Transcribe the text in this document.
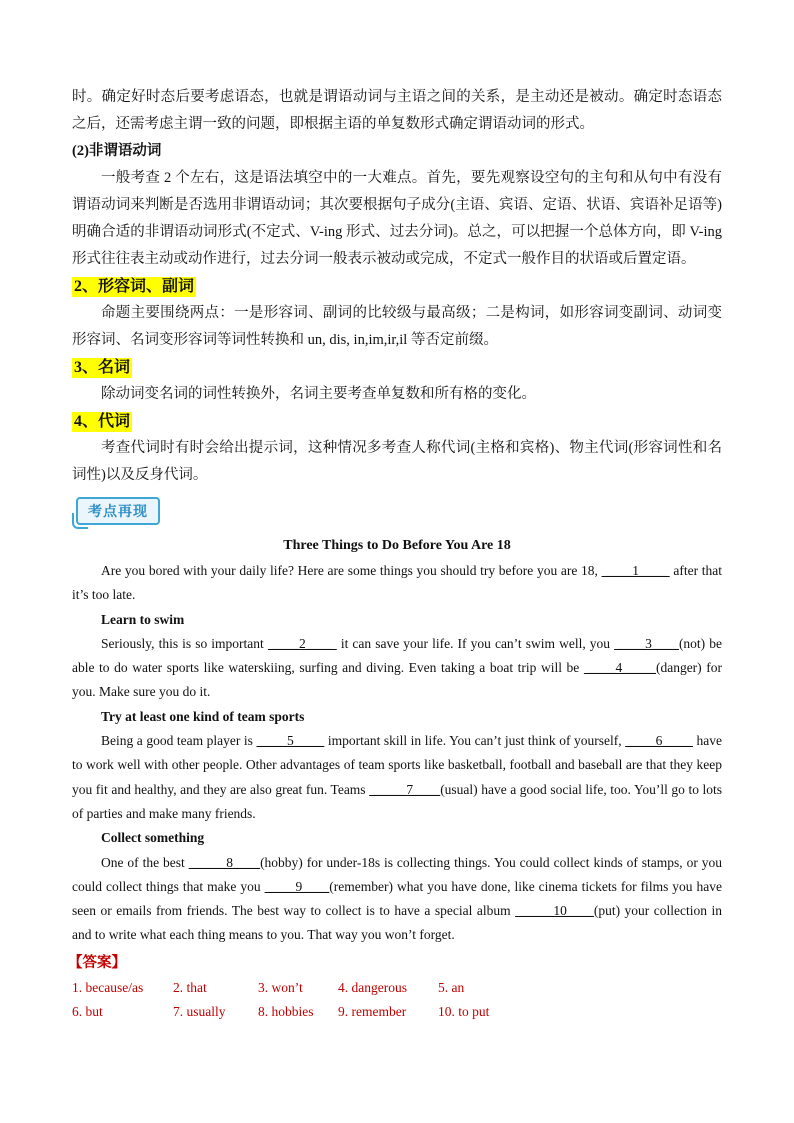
时。确定好时态后要考虑语态，也就是谓语动词与主语之间的关系，是主动还是被动。确定时态语态之后，还需考虑主谓一致的问题，即根据主语的单复数形式确定谓语动词的形式。

(2)非谓语动词

一般考查 2 个左右，这是语法填空中的一大难点。首先，要先观察设空句的主句和从句中有没有谓语动词来判断是否选用非谓语动词；其次要根据句子成分(主语、宾语、定语、状语、宾语补足语等)明确合适的非谓语动词形式(不定式、V-ing 形式、过去分词)。总之，可以把握一个总体方向，即 V-ing 形式往往表主动或动作进行，过去分词一般表示被动或完成，不定式一般作目的状语或后置定语。

2、形容词、副词

命题主要围绕两点：一是形容词、副词的比较级与最高级；二是构词，如形容词变副词、动词变形容词、名词变形容词等词性转换和 un, dis, in,im,ir,il 等否定前缀。

3、名词

除动词变名词的词性转换外，名词主要考查单复数和所有格的变化。

4、代词

考查代词时有时会给出提示词，这种情况多考查人称代词(主格和宾格)、物主代词(形容词性和名词性)以及反身代词。

考点再现

Three Things to Do Before You Are 18

Are you bored with your daily life? Here are some things you should try before you are 18,  ____1____  after that it’s too late.

Learn to swim

Seriously, this is so important  ____2____  it can save your life. If you can’t swim well, you  ____3____(not) be able to do water sports like waterskiing, surfing and diving. Even taking a boat trip will be  ____4_____(danger) for you. Make sure you do it.

Try at least one kind of team sports

Being a good team player is  ____5____  important skill in life. You can’t just think of yourself,  ____6____  have to work well with other people. Other advantages of team sports like basketball, football and baseball are that they keep you fit and healthy, and they are also great fun. Teams  _____7____(usual) have a good social life, too. You’ll go to lots of parties and make many friends.

Collect something

One of the best  _____8____(hobby) for under-18s is collecting things. You could collect kinds of stamps, or you could collect things that make you  ____9____(remember) what you have done, like cinema tickets for films you have seen or emails from friends. The best way to collect is to have a special album  _____10____(put) your collection in and to write what each thing means to you. That way you won’t forget.

【答案】

1. because/as	2. that	3. won’t	4. dangerous	5. an
6. but	7. usually	8. hobbies	9. remember	10. to put
